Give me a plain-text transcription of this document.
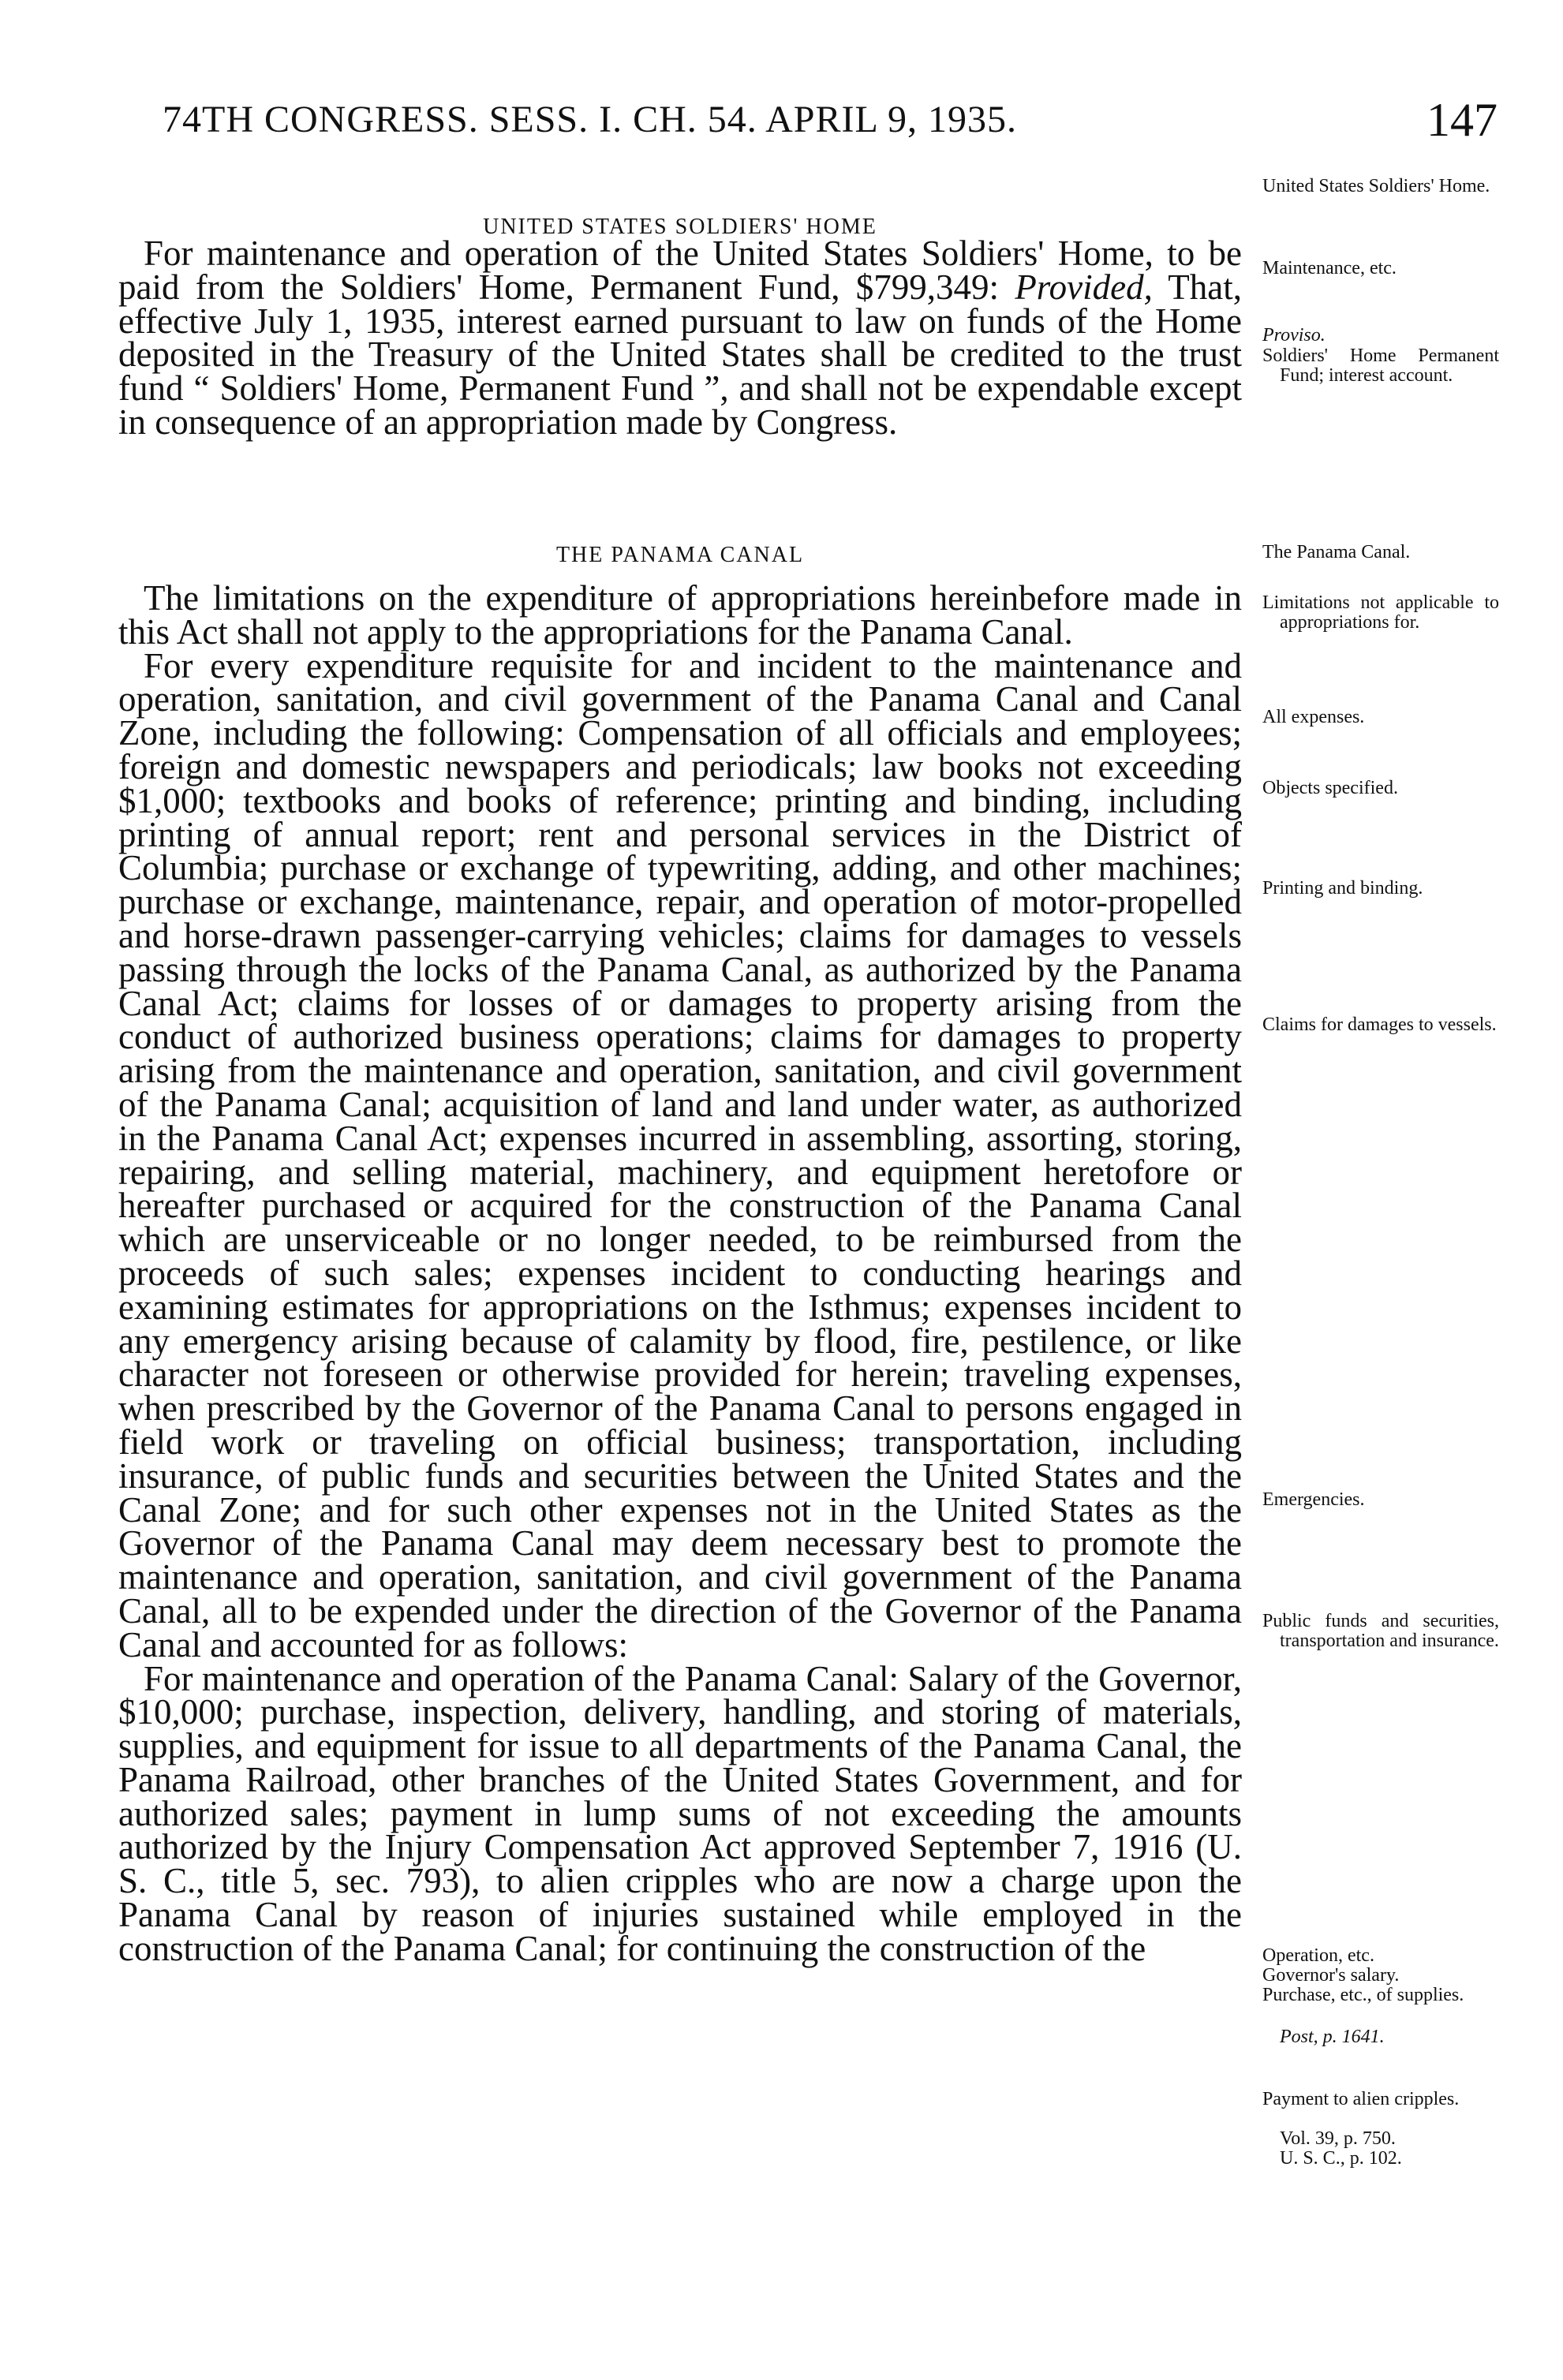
74TH CONGRESS. SESS. I. CH. 54. APRIL 9, 1935.	147
UNITED STATES SOLDIERS' HOME

For maintenance and operation of the United States Soldiers' Home, to be paid from the Soldiers' Home, Permanent Fund, $799,349: Provided, That, effective July 1, 1935, interest earned pursuant to law on funds of the Home deposited in the Treasury of the United States shall be credited to the trust fund “ Soldiers' Home, Permanent Fund ”, and shall not be expendable except in consequence of an appropriation made by Congress.

THE PANAMA CANAL

The limitations on the expenditure of appropriations hereinbefore made in this Act shall not apply to the appropriations for the Panama Canal.

For every expenditure requisite for and incident to the maintenance and operation, sanitation, and civil government of the Panama Canal and Canal Zone, including the following: Compensation of all officials and employees; foreign and domestic newspapers and periodicals; law books not exceeding $1,000; textbooks and books of reference; printing and binding, including printing of annual report; rent and personal services in the District of Columbia; purchase or exchange of typewriting, adding, and other machines; purchase or exchange, maintenance, repair, and operation of motor-propelled and horse-drawn passenger-carrying vehicles; claims for damages to vessels passing through the locks of the Panama Canal, as authorized by the Panama Canal Act; claims for losses of or damages to property arising from the conduct of authorized business operations; claims for damages to property arising from the maintenance and operation, sanitation, and civil government of the Panama Canal; acquisition of land and land under water, as authorized in the Panama Canal Act; expenses incurred in assembling, assorting, storing, repairing, and selling material, machinery, and equipment heretofore or hereafter purchased or acquired for the construction of the Panama Canal which are unserviceable or no longer needed, to be reimbursed from the proceeds of such sales; expenses incident to conducting hearings and examining estimates for appropriations on the Isthmus; expenses incident to any emergency arising because of calamity by flood, fire, pestilence, or like character not foreseen or otherwise provided for herein; traveling expenses, when prescribed by the Governor of the Panama Canal to persons engaged in field work or traveling on official business; transportation, including insurance, of public funds and securities between the United States and the Canal Zone; and for such other expenses not in the United States as the Governor of the Panama Canal may deem necessary best to promote the maintenance and operation, sanitation, and civil government of the Panama Canal, all to be expended under the direction of the Governor of the Panama Canal and accounted for as follows:

For maintenance and operation of the Panama Canal: Salary of the Governor, $10,000; purchase, inspection, delivery, handling, and storing of materials, supplies, and equipment for issue to all departments of the Panama Canal, the Panama Railroad, other branches of the United States Government, and for authorized sales; payment in lump sums of not exceeding the amounts authorized by the Injury Compensation Act approved September 7, 1916 (U. S. C., title 5, sec. 793), to alien cripples who are now a charge upon the Panama Canal by reason of injuries sustained while employed in the construction of the Panama Canal; for continuing the construction of the

United States Soldiers' Home.
Maintenance, etc.
Proviso.
Soldiers' Home Permanent Fund; interest account.
The Panama Canal.
Limitations not applicable to appropriations for.
All expenses.
Objects specified.
Printing and binding.
Claims for damages to vessels.
Emergencies.
Public funds and securities, transportation and insurance.
Operation, etc.
Governor's salary.
Purchase, etc., of supplies.
Post, p. 1641.
Payment to alien cripples.
Vol. 39, p. 750.
U. S. C., p. 102.
